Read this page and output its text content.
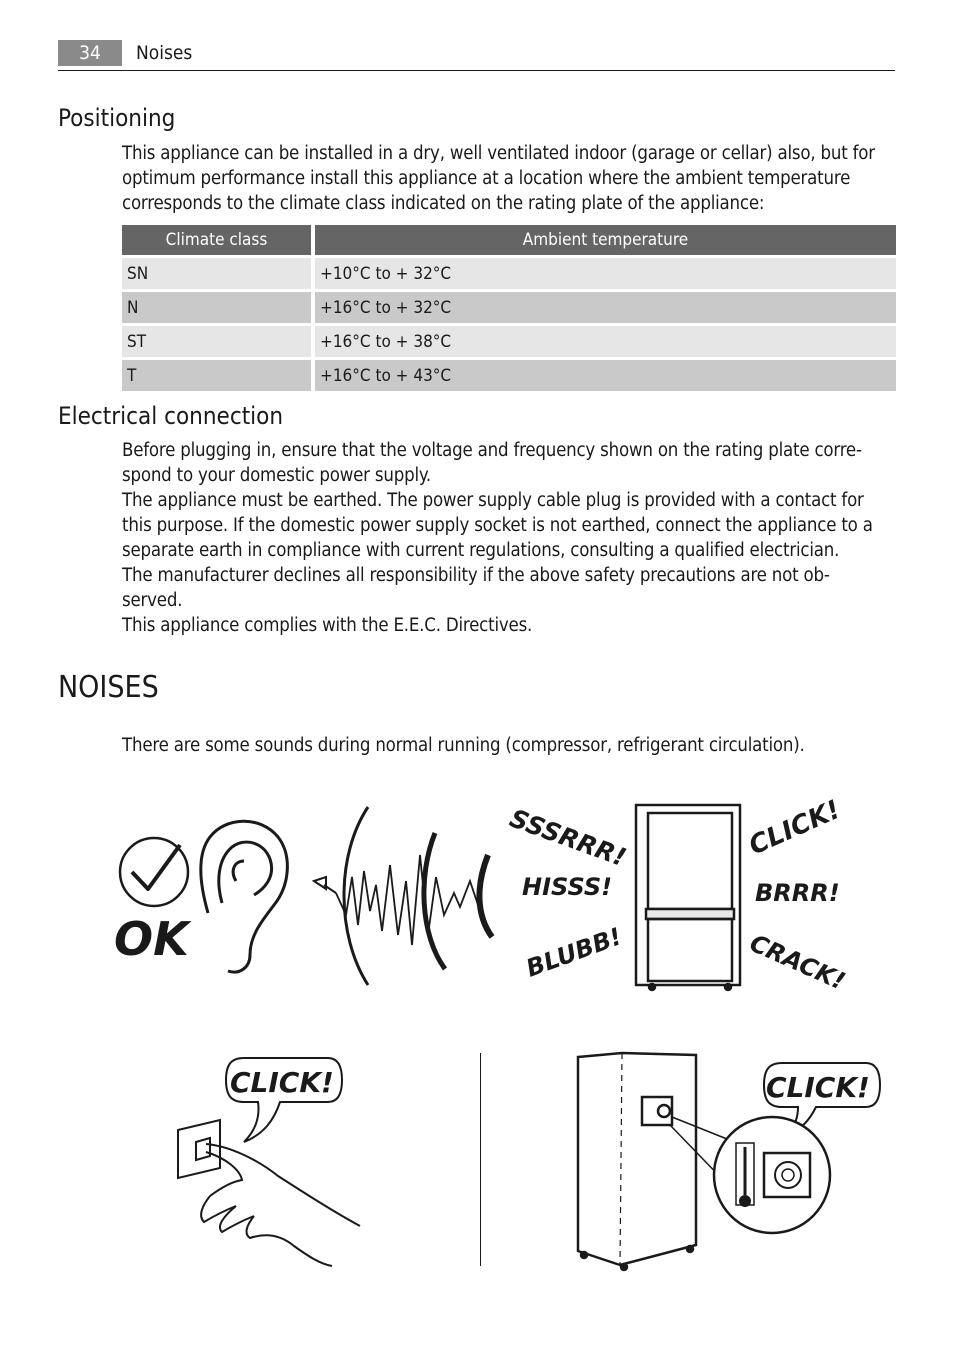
34	Noises
Positioning
This appliance can be installed in a dry, well ventilated indoor (garage or cellar) also, but for
optimum performance install this appliance at a location where the ambient temperature
corresponds to the climate class indicated on the rating plate of the appliance:
Climate class	Ambient temperature
SN	+10°C to + 32°C
N	+16°C to + 32°C
ST	+16°C to + 38°C
T	+16°C to + 43°C
Electrical connection
Before plugging in, ensure that the voltage and frequency shown on the rating plate corre-
spond to your domestic power supply.
The appliance must be earthed. The power supply cable plug is provided with a contact for
this purpose. If the domestic power supply socket is not earthed, connect the appliance to a
separate earth in compliance with current regulations, consulting a qualified electrician.
The manufacturer declines all responsibility if the above safety precautions are not ob-
served.
This appliance complies with the E.E.C. Directives.
NOISES
There are some sounds during normal running (compressor, refrigerant circulation).
OK
SSSRRR!
HISSS!
BLUBB!
CLICK!
BRRR!
CRACK!
CLICK!	CLICK!
